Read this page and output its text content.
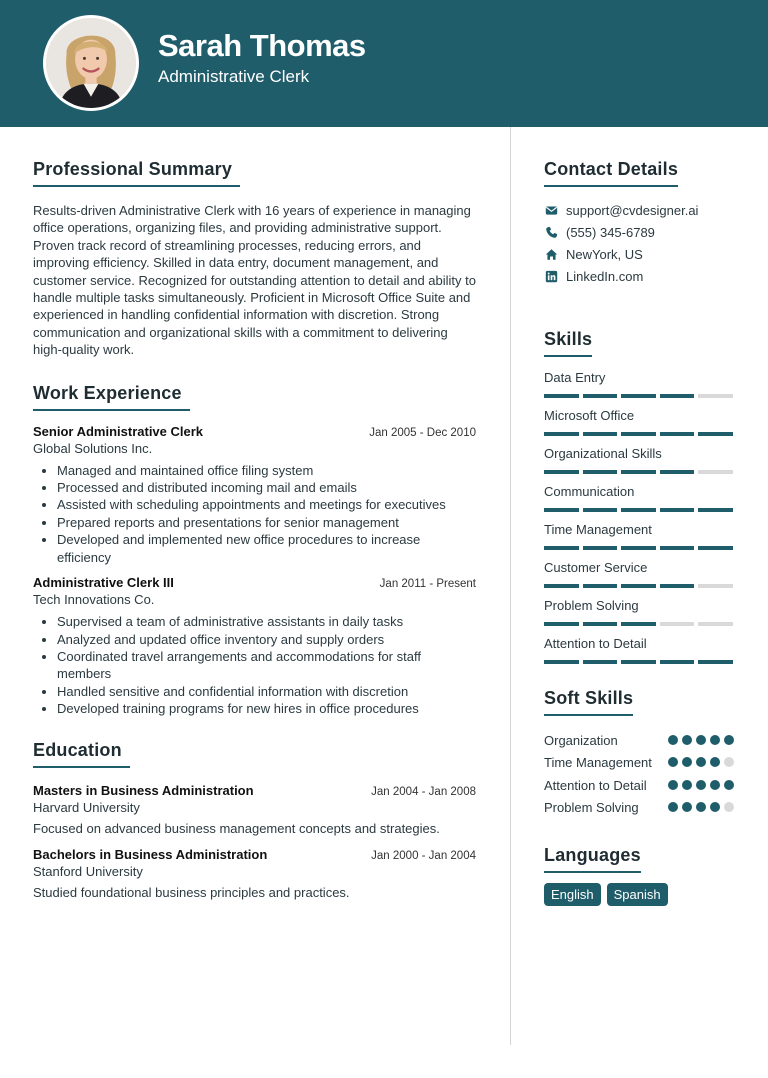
Sarah Thomas
Administrative Clerk
Professional Summary
Results-driven Administrative Clerk with 16 years of experience in managing office operations, organizing files, and providing administrative support. Proven track record of streamlining processes, reducing errors, and improving efficiency. Skilled in data entry, document management, and customer service. Recognized for outstanding attention to detail and ability to handle multiple tasks simultaneously. Proficient in Microsoft Office Suite and experienced in handling confidential information with discretion. Strong communication and organizational skills with a commitment to delivering high-quality work.
Work Experience
Senior Administrative Clerk	Jan 2005 - Dec 2010
Global Solutions Inc.
• Managed and maintained office filing system
• Processed and distributed incoming mail and emails
• Assisted with scheduling appointments and meetings for executives
• Prepared reports and presentations for senior management
• Developed and implemented new office procedures to increase efficiency
Administrative Clerk III	Jan 2011 - Present
Tech Innovations Co.
• Supervised a team of administrative assistants in daily tasks
• Analyzed and updated office inventory and supply orders
• Coordinated travel arrangements and accommodations for staff members
• Handled sensitive and confidential information with discretion
• Developed training programs for new hires in office procedures
Education
Masters in Business Administration	Jan 2004 - Jan 2008
Harvard University
Focused on advanced business management concepts and strategies.
Bachelors in Business Administration	Jan 2000 - Jan 2004
Stanford University
Studied foundational business principles and practices.
Contact Details
support@cvdesigner.ai
(555) 345-6789
NewYork, US
LinkedIn.com
Skills
Data Entry
Microsoft Office
Organizational Skills
Communication
Time Management
Customer Service
Problem Solving
Attention to Detail
Soft Skills
Organization
Time Management
Attention to Detail
Problem Solving
Languages
English	Spanish
